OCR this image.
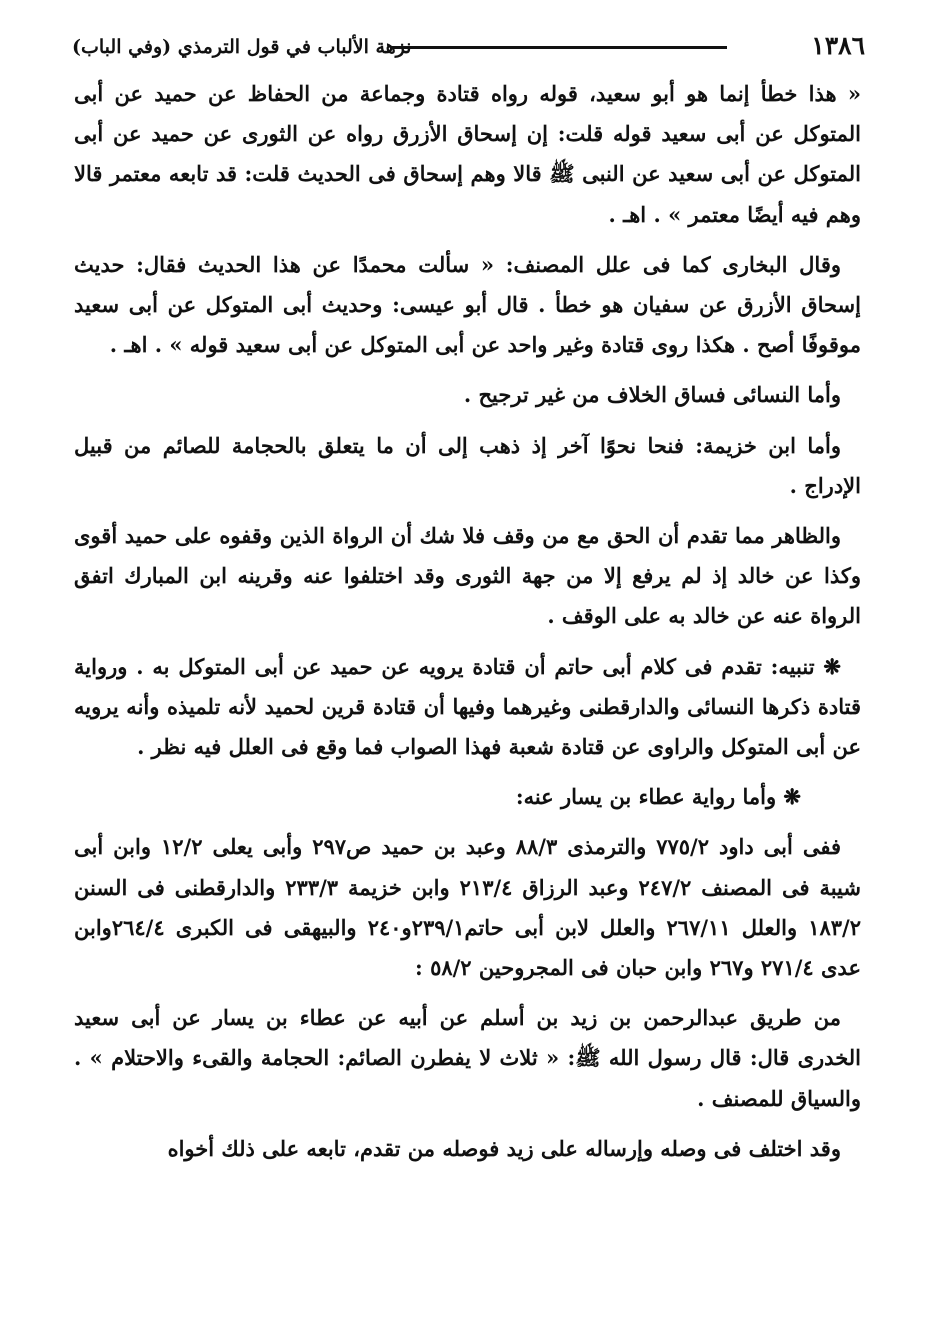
١٣٨٦
نزهة الألباب في قول الترمذي (وفي الباب)

« هذا خطأ إنما هو أبو سعيد، قوله رواه قتادة وجماعة من الحفاظ عن حميد عن أبى المتوكل عن أبى سعيد قوله قلت: إن إسحاق الأزرق رواه عن الثورى عن حميد عن أبى المتوكل عن أبى سعيد عن النبى ﷺ قالا وهم إسحاق فى الحديث قلت: قد تابعه معتمر قالا وهم فيه أيضًا معتمر » . اهـ .

وقال البخارى كما فى علل المصنف: « سألت محمدًا عن هذا الحديث فقال: حديث إسحاق الأزرق عن سفيان هو خطأ . قال أبو عيسى: وحديث أبى المتوكل عن أبى سعيد موقوفًا أصح . هكذا روى قتادة وغير واحد عن أبى المتوكل عن أبى سعيد قوله » . اهـ .

وأما النسائى فساق الخلاف من غير ترجيح .

وأما ابن خزيمة: فنحا نحوًا آخر إذ ذهب إلى أن ما يتعلق بالحجامة للصائم من قبيل الإدراج .

والظاهر مما تقدم أن الحق مع من وقف فلا شك أن الرواة الذين وقفوه على حميد أقوى وكذا عن خالد إذ لم يرفع إلا من جهة الثورى وقد اختلفوا عنه وقرينه ابن المبارك اتفق الرواة عنه عن خالد به على الوقف .

❋ تنبيه: تقدم فى كلام أبى حاتم أن قتادة يرويه عن حميد عن أبى المتوكل به . ورواية قتادة ذكرها النسائى والدارقطنى وغيرهما وفيها أن قتادة قرين لحميد لأنه تلميذه وأنه يرويه عن أبى المتوكل والراوى عن قتادة شعبة فهذا الصواب فما وقع فى العلل فيه نظر .

❋ وأما رواية عطاء بن يسار عنه:

ففى أبى داود ٧٧٥/٢ والترمذى ٨٨/٣ وعبد بن حميد ص٢٩٧ وأبى يعلى ١٢/٢ وابن أبى شيبة فى المصنف ٢٤٧/٢ وعبد الرزاق ٢١٣/٤ وابن خزيمة ٢٣٣/٣ والدارقطنى فى السنن ١٨٣/٢ والعلل ٢٦٧/١١ والعلل لابن أبى حاتم٢٣٩/١و٢٤٠ والبيهقى فى الكبرى ٢٦٤/٤وابن عدى ٢٧١/٤ و٢٦٧ وابن حبان فى المجروحين ٥٨/٢ :

من طريق عبدالرحمن بن زيد بن أسلم عن أبيه عن عطاء بن يسار عن أبى سعيد الخدرى قال: قال رسول الله ﷺ: « ثلاث لا يفطرن الصائم: الحجامة والقىء والاحتلام » . والسياق للمصنف .

وقد اختلف فى وصله وإرساله على زيد فوصله من تقدم، تابعه على ذلك أخواه
